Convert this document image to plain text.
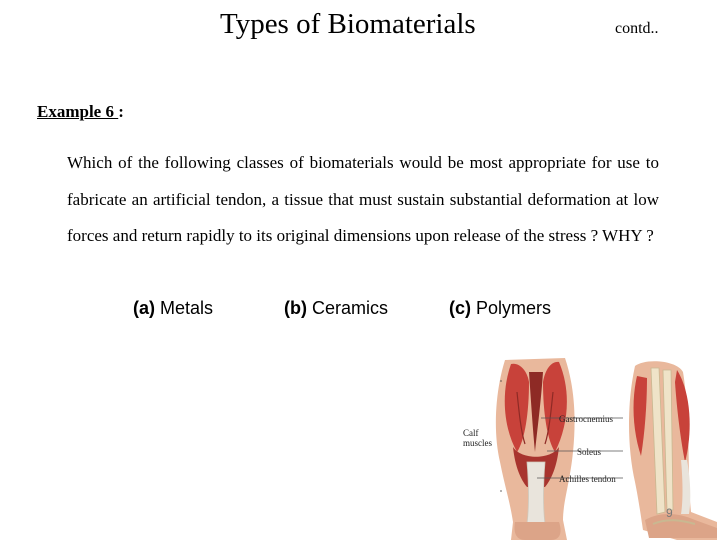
Types of Biomaterials	contd..
Example 6 :
Which of the following classes of biomaterials would be most appropriate for use to fabricate an artificial tendon, a tissue that must sustain substantial deformation at low forces and return rapidly to its original dimensions upon release of the stress ? WHY ?
(a) Metals	(b) Ceramics	(c) Polymers
Calf
muscles
Gastrocnemius
Soleus
Achilles tendon
9
